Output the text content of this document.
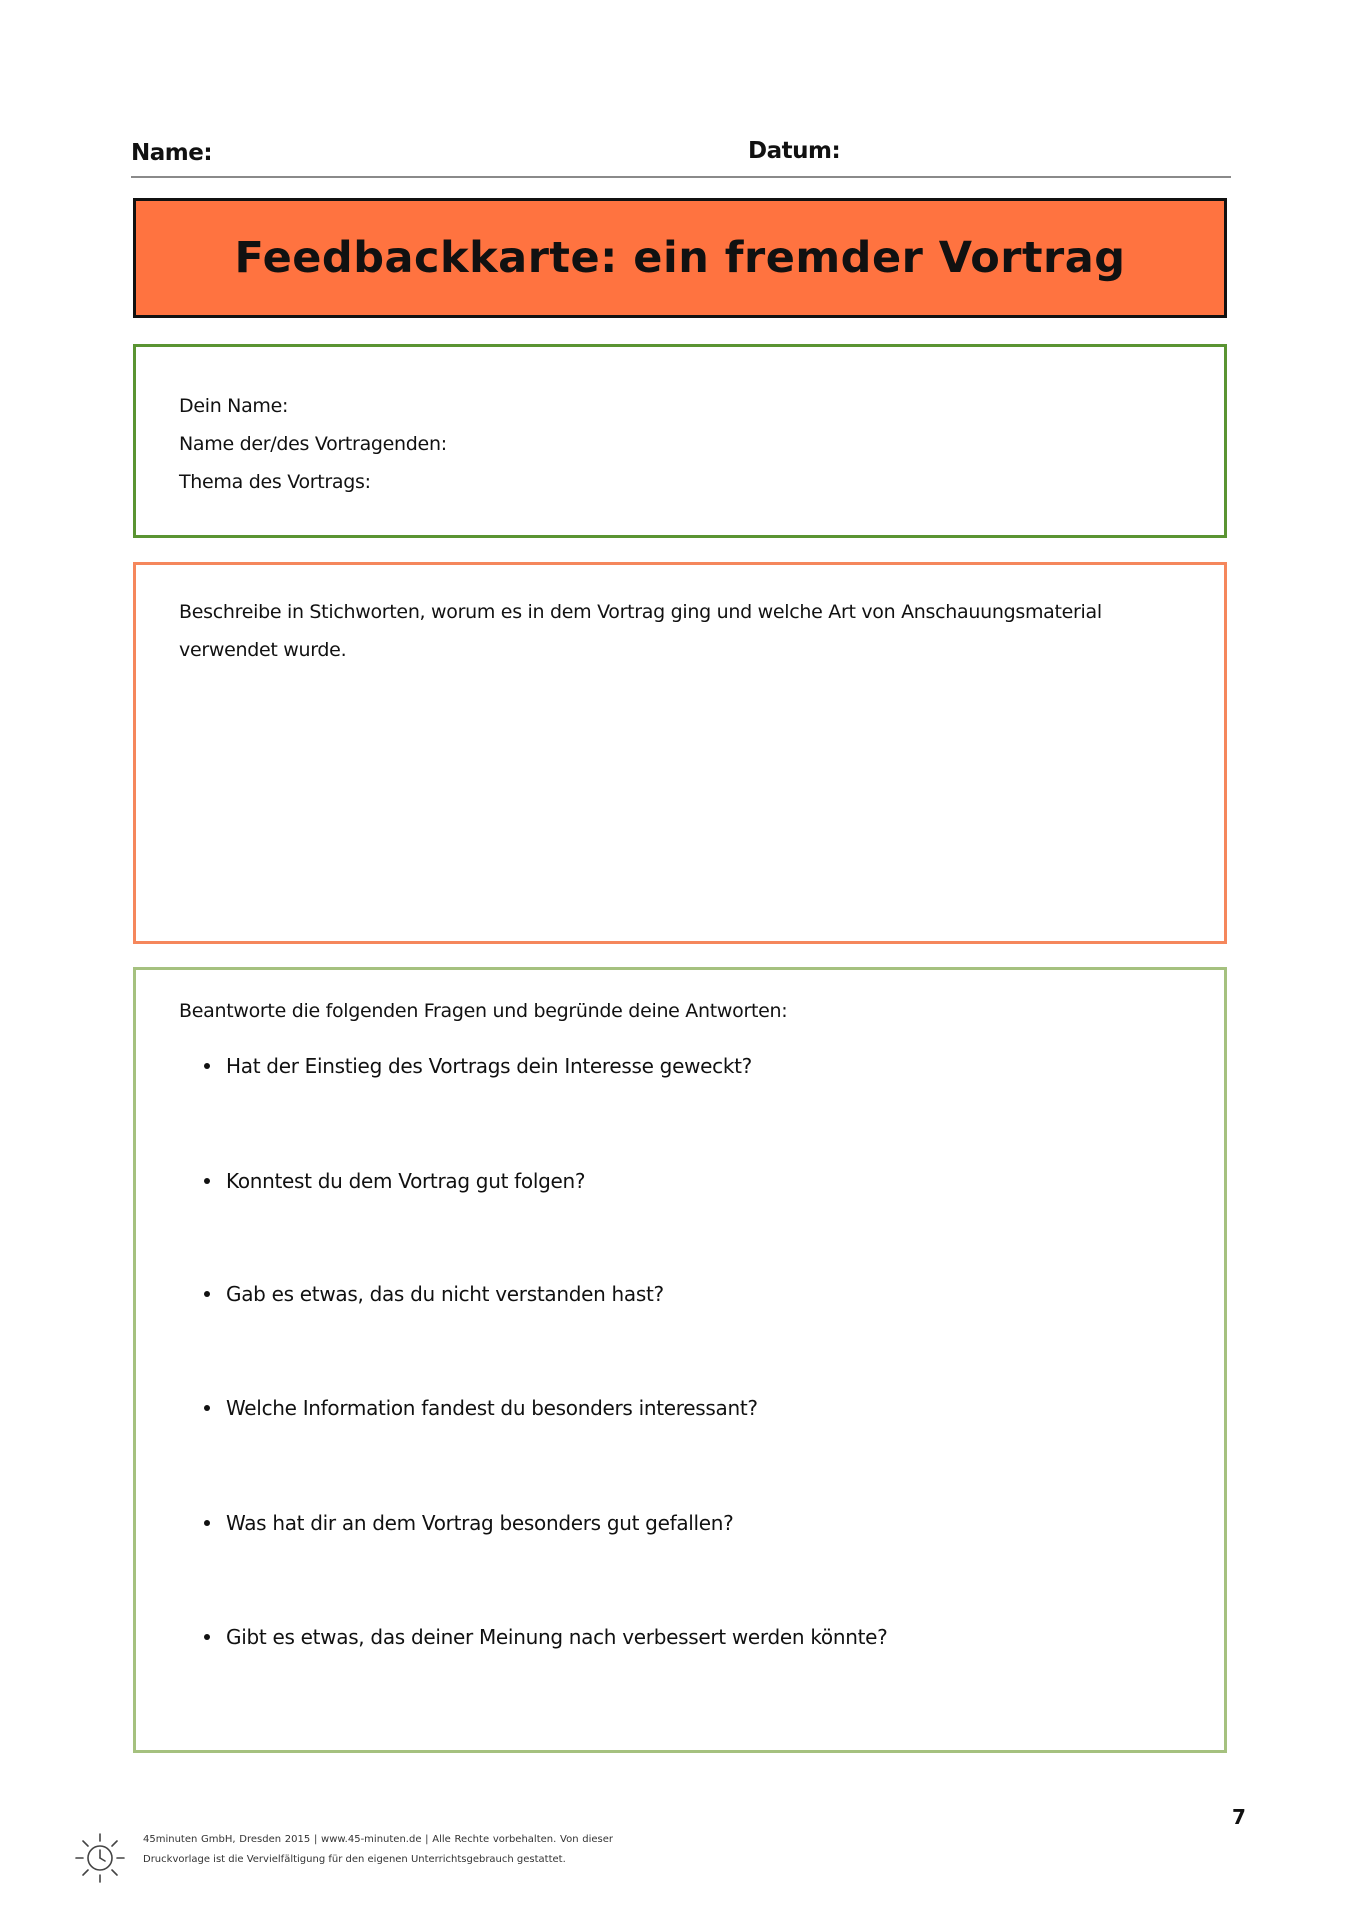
Name:	Datum:
Feedbackkarte: ein fremder Vortrag
Dein Name:
Name der/des Vortragenden:
Thema des Vortrags:
Beschreibe in Stichworten, worum es in dem Vortrag ging und welche Art von Anschauungsmaterial verwendet wurde.
Beantworte die folgenden Fragen und begründe deine Antworten:
Hat der Einstieg des Vortrags dein Interesse geweckt?
Konntest du dem Vortrag gut folgen?
Gab es etwas, das du nicht verstanden hast?
Welche Information fandest du besonders interessant?
Was hat dir an dem Vortrag besonders gut gefallen?
Gibt es etwas, das deiner Meinung nach verbessert werden könnte?
7
45minuten GmbH, Dresden 2015 | www.45-minuten.de | Alle Rechte vorbehalten. Von dieser Druckvorlage ist die Vervielfältigung für den eigenen Unterrichtsgebrauch gestattet.
